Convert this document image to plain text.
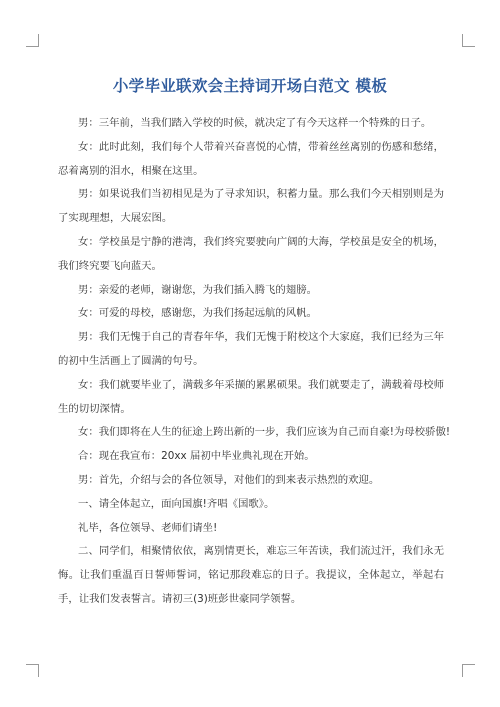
小学毕业联欢会主持词开场白范文 模板

男：三年前，当我们踏入学校的时候，就决定了有今天这样一个特殊的日子。

女：此时此刻，我们每个人带着兴奋喜悦的心情，带着丝丝离别的伤感和愁绪，忍着离别的泪水，相聚在这里。

男：如果说我们当初相见是为了寻求知识，积蓄力量。那么我们今天相别则是为了实现理想，大展宏图。

女：学校虽是宁静的港湾，我们终究要驶向广阔的大海，学校虽是安全的机场，我们终究要飞向蓝天。

男：亲爱的老师，谢谢您，为我们插入腾飞的翅膀。

女：可爱的母校，感谢您，为我们扬起远航的风帆。

男：我们无愧于自己的青春年华，我们无愧于附校这个大家庭，我们已经为三年的初中生活画上了圆满的句号。

女：我们就要毕业了，满载多年采撷的累累硕果。我们就要走了，满载着母校师生的切切深情。

女：我们即将在人生的征途上跨出新的一步，我们应该为自己而自豪!为母校骄傲!

合：现在我宣布：20xx 届初中毕业典礼现在开始。

男：首先，介绍与会的各位领导，对他们的到来表示热烈的欢迎。

一、请全体起立，面向国旗!齐唱《国歌》。

礼毕，各位领导、老师们请坐!

二、同学们，相聚情依依，离别情更长，难忘三年苦读，我们流过汗，我们永无悔。让我们重温百日誓师誓词，铭记那段难忘的日子。我提议，全体起立，举起右手，让我们发表誓言。请初三(3)班彭世豪同学领誓。
